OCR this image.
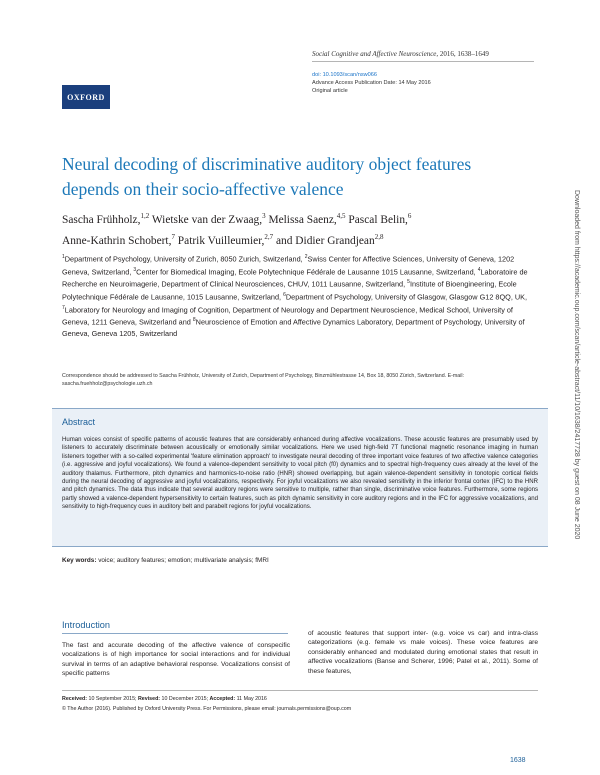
OXFORD
Social Cognitive and Affective Neuroscience, 2016, 1638–1649
doi: 10.1093/scan/nsw066
Advance Access Publication Date: 14 May 2016
Original article
Neural decoding of discriminative auditory object features depends on their socio-affective valence
Sascha Frühholz,$^{1,2}$ Wietske van der Zwaag,$^3$ Melissa Saenz,$^{4,5}$ Pascal Belin,$^6$
Anne-Kathrin Schobert,$^7$ Patrik Vuilleumier,$^{2,7}$ and Didier Grandjean$^{2,8}$
$^1$Department of Psychology, University of Zurich, 8050 Zurich, Switzerland, $^2$Swiss Center for Affective Sciences, University of Geneva, 1202 Geneva, Switzerland, $^3$Center for Biomedical Imaging, Ecole Polytechnique Fédérale de Lausanne 1015 Lausanne, Switzerland, $^4$Laboratoire de Recherche en Neuroimagerie, Department of Clinical Neurosciences, CHUV, 1011 Lausanne, Switzerland, $^5$Institute of Bioengineering, Ecole Polytechnique Fédérale de Lausanne, 1015 Lausanne, Switzerland, $^6$Department of Psychology, University of Glasgow, Glasgow G12 8QQ, UK, $^7$Laboratory for Neurology and Imaging of Cognition, Department of Neurology and Department Neuroscience, Medical School, University of Geneva, 1211 Geneva, Switzerland and $^8$Neuroscience of Emotion and Affective Dynamics Laboratory, Department of Psychology, University of Geneva, Geneva 1205, Switzerland
Correspondence should be addressed to Sascha Frühholz, University of Zurich, Department of Psychology, Binzmühlestrasse 14, Box 18, 8050 Zürich, Switzerland. E-mail: sascha.fruehholz@psychologie.uzh.ch
Abstract
Human voices consist of specific patterns of acoustic features that are considerably enhanced during affective vocalizations. These acoustic features are presumably used by listeners to accurately discriminate between acoustically or emotionally similar vocalizations. Here we used high-field 7T functional magnetic resonance imaging in human listeners together with a so-called experimental 'feature elimination approach' to investigate neural decoding of three important voice features of two affective valence categories (i.e. aggressive and joyful vocalizations). We found a valence-dependent sensitivity to vocal pitch (f0) dynamics and to spectral high-frequency cues already at the level of the auditory thalamus. Furthermore, pitch dynamics and harmonics-to-noise ratio (HNR) showed overlapping, but again valence-dependent sensitivity in tonotopic cortical fields during the neural decoding of aggressive and joyful vocalizations, respectively. For joyful vocalizations we also revealed sensitivity in the inferior frontal cortex (IFC) to the HNR and pitch dynamics. The data thus indicate that several auditory regions were sensitive to multiple, rather than single, discriminative voice features. Furthermore, some regions partly showed a valence-dependent hypersensitivity to certain features, such as pitch dynamic sensitivity in core auditory regions and in the IFC for aggressive vocalizations, and sensitivity to high-frequency cues in auditory belt and parabelt regions for joyful vocalizations.
Key words: voice; auditory features; emotion; multivariate analysis; fMRI
Introduction
The fast and accurate decoding of the affective valence of conspecific vocalizations is of high importance for social interactions and for individual survival in terms of an adaptive behavioral response. Vocalizations consist of specific patterns
of acoustic features that support inter- (e.g. voice vs car) and intra-class categorizations (e.g. female vs male voices). These voice features are considerably enhanced and modulated during emotional states that result in affective vocalizations (Banse and Scherer, 1996; Patel et al., 2011). Some of these features,
Received: 10 September 2015; Revised: 10 December 2015; Accepted: 11 May 2016
© The Author (2016). Published by Oxford University Press. For Permissions, please email: journals.permissions@oup.com
1638
Downloaded from https://academic.oup.com/scan/article-abstract/11/10/1638/2417728 by guest on 08 June 2020
